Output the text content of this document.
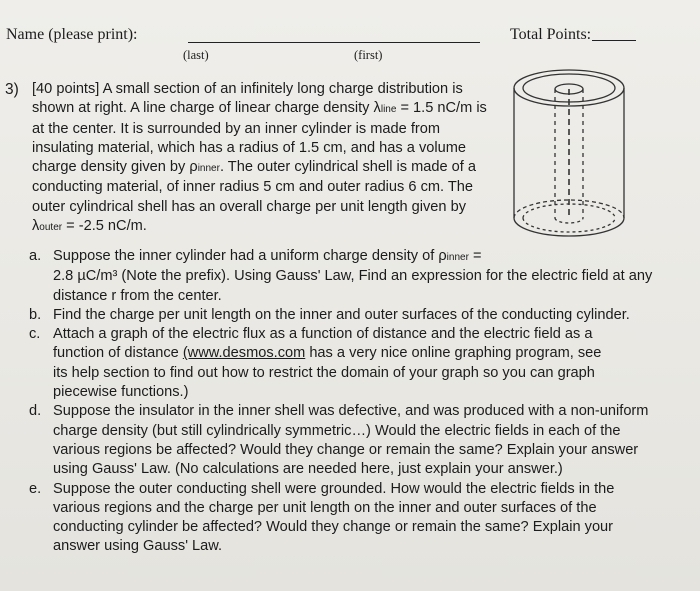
Name (please print):	Total Points:
(last)	(first)
3) [40 points] A small section of an infinitely long charge distribution is
shown at right. A line charge of linear charge density λline = 1.5 nC/m is
at the center. It is surrounded by an inner cylinder is made from
insulating material, which has a radius of 1.5 cm, and has a volume
charge density given by ρinner. The outer cylindrical shell is made of a
conducting material, of inner radius 5 cm and outer radius 6 cm. The
outer cylindrical shell has an overall charge per unit length given by
λouter = -2.5 nC/m.
a. Suppose the inner cylinder had a uniform charge density of ρinner =
2.8 µC/m³ (Note the prefix). Using Gauss' Law, Find an expression for the electric field at any
distance r from the center.
b. Find the charge per unit length on the inner and outer surfaces of the conducting cylinder.
c. Attach a graph of the electric flux as a function of distance and the electric field as a
function of distance (www.desmos.com has a very nice online graphing program, see
its help section to find out how to restrict the domain of your graph so you can graph
piecewise functions.)
d. Suppose the insulator in the inner shell was defective, and was produced with a non-uniform
charge density (but still cylindrically symmetric…) Would the electric fields in each of the
various regions be affected? Would they change or remain the same? Explain your answer
using Gauss' Law. (No calculations are needed here, just explain your answer.)
e. Suppose the outer conducting shell were grounded. How would the electric fields in the
various regions and the charge per unit length on the inner and outer surfaces of the
conducting cylinder be affected? Would they change or remain the same? Explain your
answer using Gauss' Law.
